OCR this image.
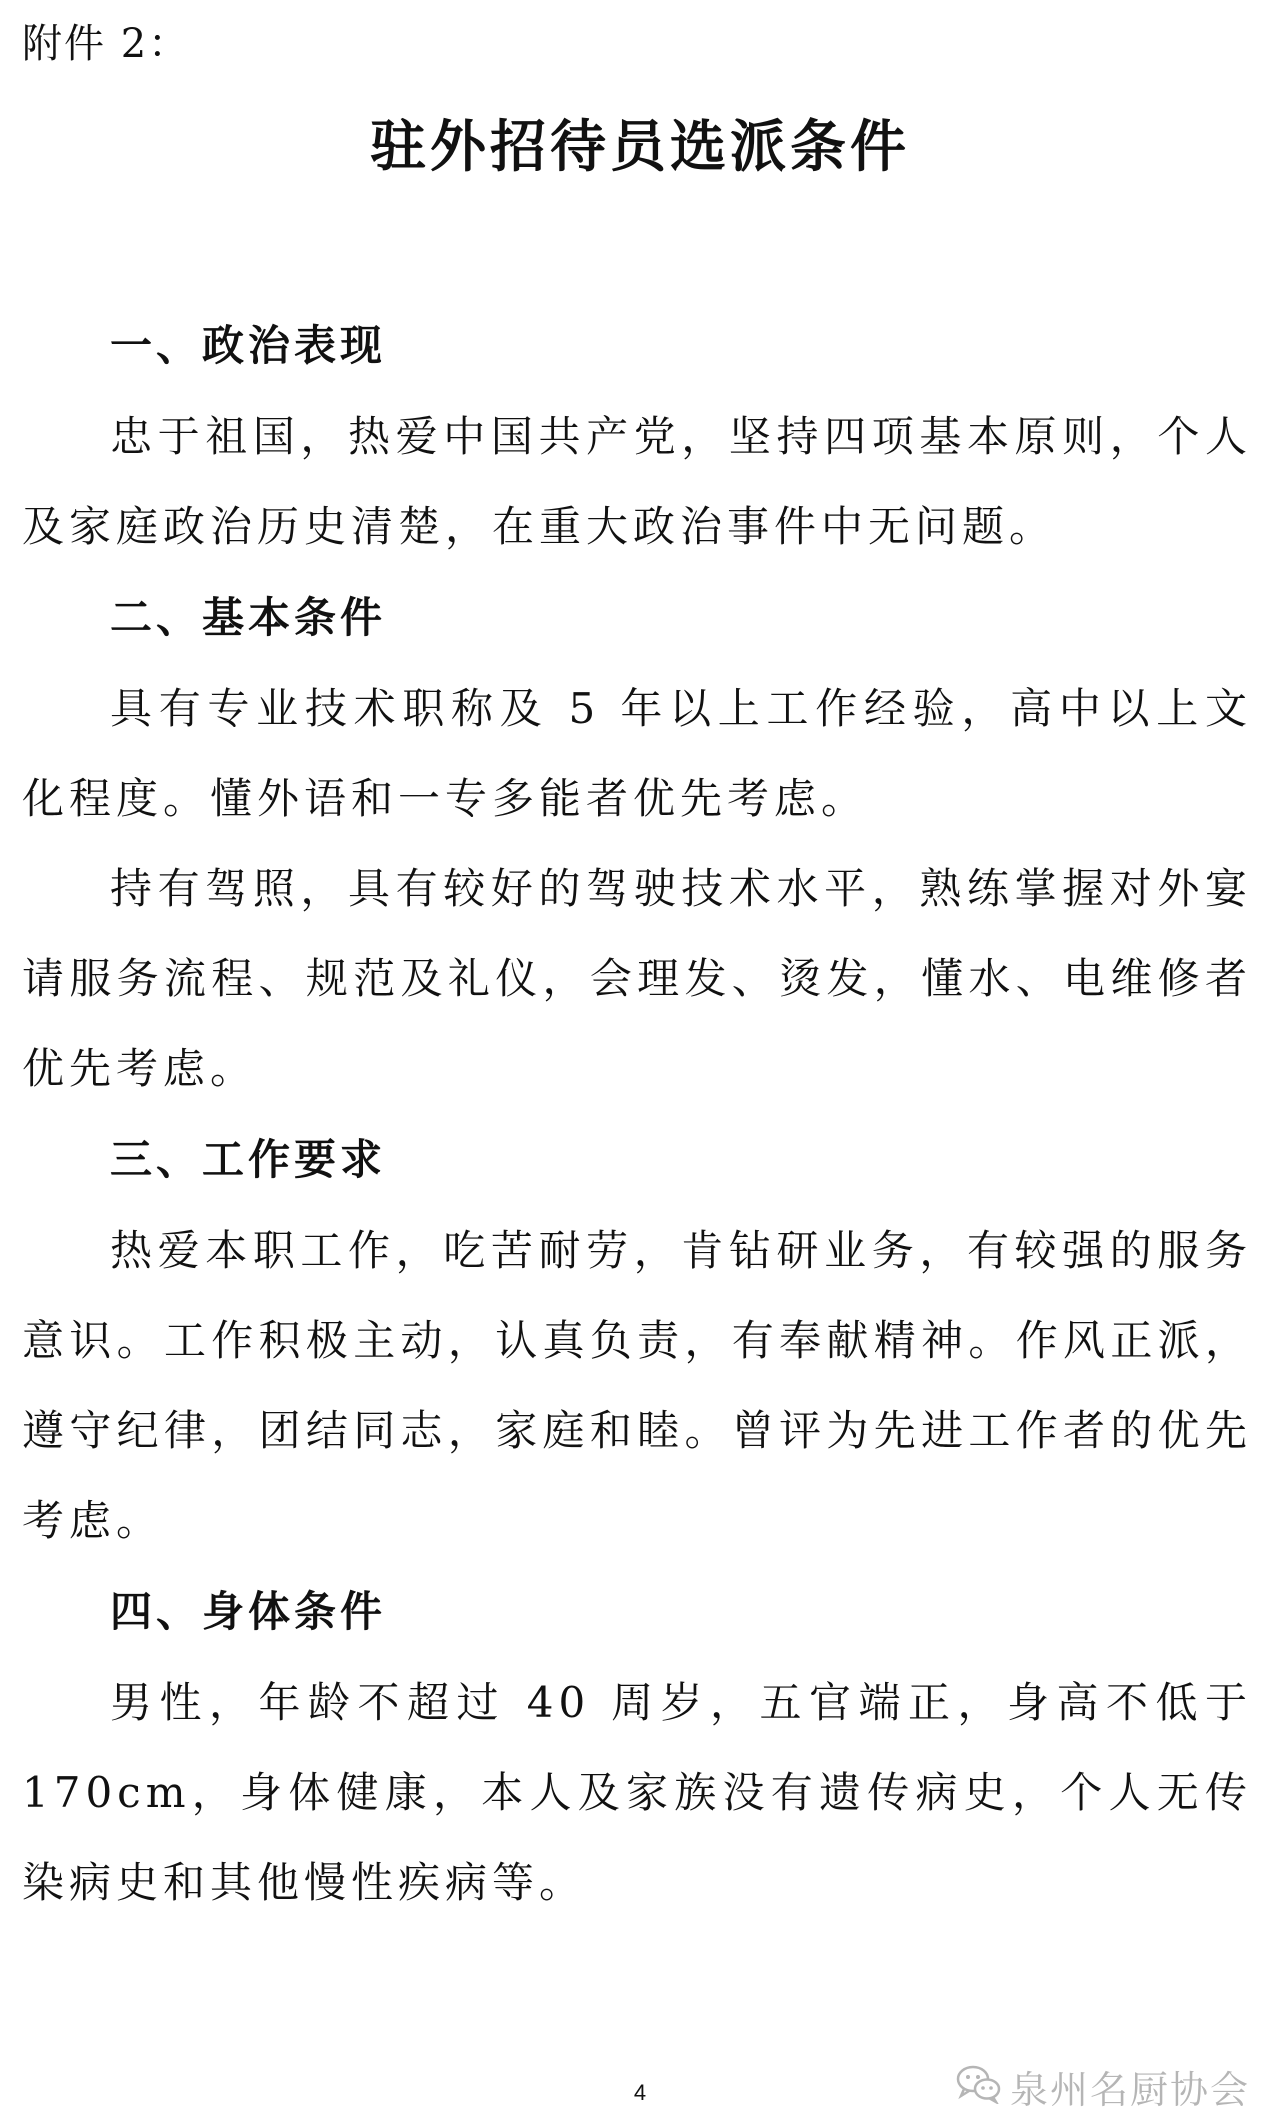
附件 2：
驻外招待员选派条件

一、政治表现

忠于祖国，热爱中国共产党，坚持四项基本原则，个人 及家庭政治历史清楚，在重大政治事件中无问题。

二、基本条件

具有专业技术职称及 5 年以上工作经验，高中以上文化程度。懂外语和一专多能者优先考虑。

持有驾照，具有较好的驾驶技术水平，熟练掌握对外宴请服务流程、规范及礼仪，会理发、烫发，懂水、电维修者优先考虑。

三、工作要求

热爱本职工作，吃苦耐劳，肯钻研业务，有较强的服务 意识。工作积极主动，认真负责，有奉献精神。作风正派， 遵守纪律，团结同志，家庭和睦。曾评为先进工作者的优先考虑。

四、身体条件

男性，年龄不超过 40 周岁，五官端正，身高不低于 170cm，身体健康，本人及家族没有遗传病史，个人无传染病史和其他慢性疾病等。

4	泉州名厨协会
